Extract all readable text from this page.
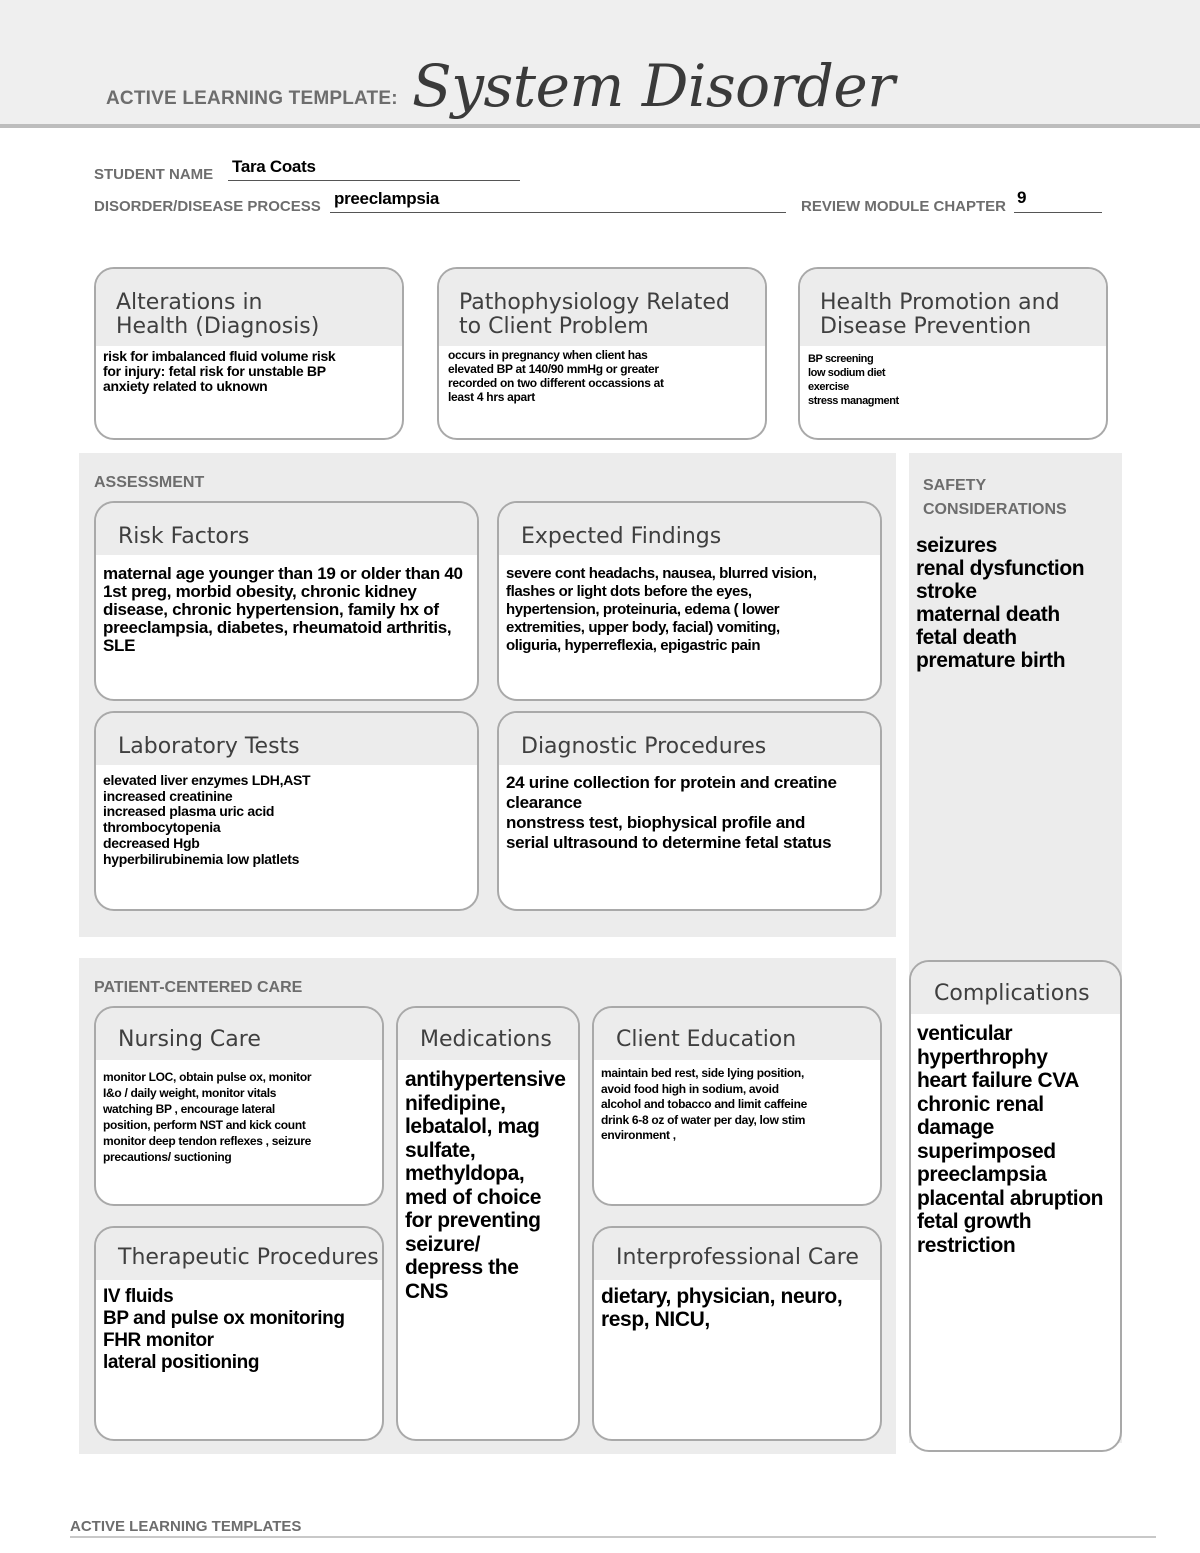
ACTIVE LEARNING TEMPLATE: System Disorder
STUDENT NAME Tara Coats
DISORDER/DISEASE PROCESS preeclampsia	REVIEW MODULE CHAPTER 9
Alterations in
Health (Diagnosis)
risk for imbalanced fluid volume risk
for injury: fetal risk for unstable BP
anxiety related to uknown
Pathophysiology Related
to Client Problem
occurs in pregnancy when client has
elevated BP at 140/90 mmHg or greater
recorded on two different occassions at
least 4 hrs apart
Health Promotion and
Disease Prevention
BP screening
low sodium diet
exercise
stress managment
ASSESSMENT
Risk Factors
maternal age younger than 19 or older than 40
1st preg, morbid obesity, chronic kidney
disease, chronic hypertension, family hx of
preeclampsia, diabetes, rheumatoid arthritis,
SLE
Expected Findings
severe cont headachs, nausea, blurred vision,
flashes or light dots before the eyes,
hypertension, proteinuria, edema ( lower
extremities, upper body, facial) vomiting,
oliguria, hyperreflexia, epigastric pain
Laboratory Tests
elevated liver enzymes LDH,AST
increased creatinine
increased plasma uric acid
thrombocytopenia
decreased Hgb
hyperbilirubinemia low platlets
Diagnostic Procedures
24 urine collection for protein and creatine
clearance
nonstress test, biophysical profile and
serial ultrasound to determine fetal status
SAFETY
CONSIDERATIONS
seizures
renal dysfunction
stroke
maternal death
fetal death
premature birth
PATIENT-CENTERED CARE
Nursing Care
monitor LOC, obtain pulse ox, monitor
I&o / daily weight, monitor vitals
watching BP , encourage lateral
position, perform NST and kick count
monitor deep tendon reflexes , seizure
precautions/ suctioning
Medications
antihypertensive
nifedipine,
lebatalol, mag
sulfate,
methyldopa,
med of choice
for preventing
seizure/
depress the
CNS
Client Education
maintain bed rest, side lying position,
avoid food high in sodium, avoid
alcohol and tobacco and limit caffeine
drink 6-8 oz of water per day, low stim
environment ,
Therapeutic Procedures
IV fluids
BP and pulse ox monitoring
FHR monitor
lateral positioning
Interprofessional Care
dietary, physician, neuro,
resp, NICU,
Complications
venticular
hyperthrophy
heart failure CVA
chronic renal
damage
superimposed
preeclampsia
placental abruption
fetal growth
restriction
ACTIVE LEARNING TEMPLATES
